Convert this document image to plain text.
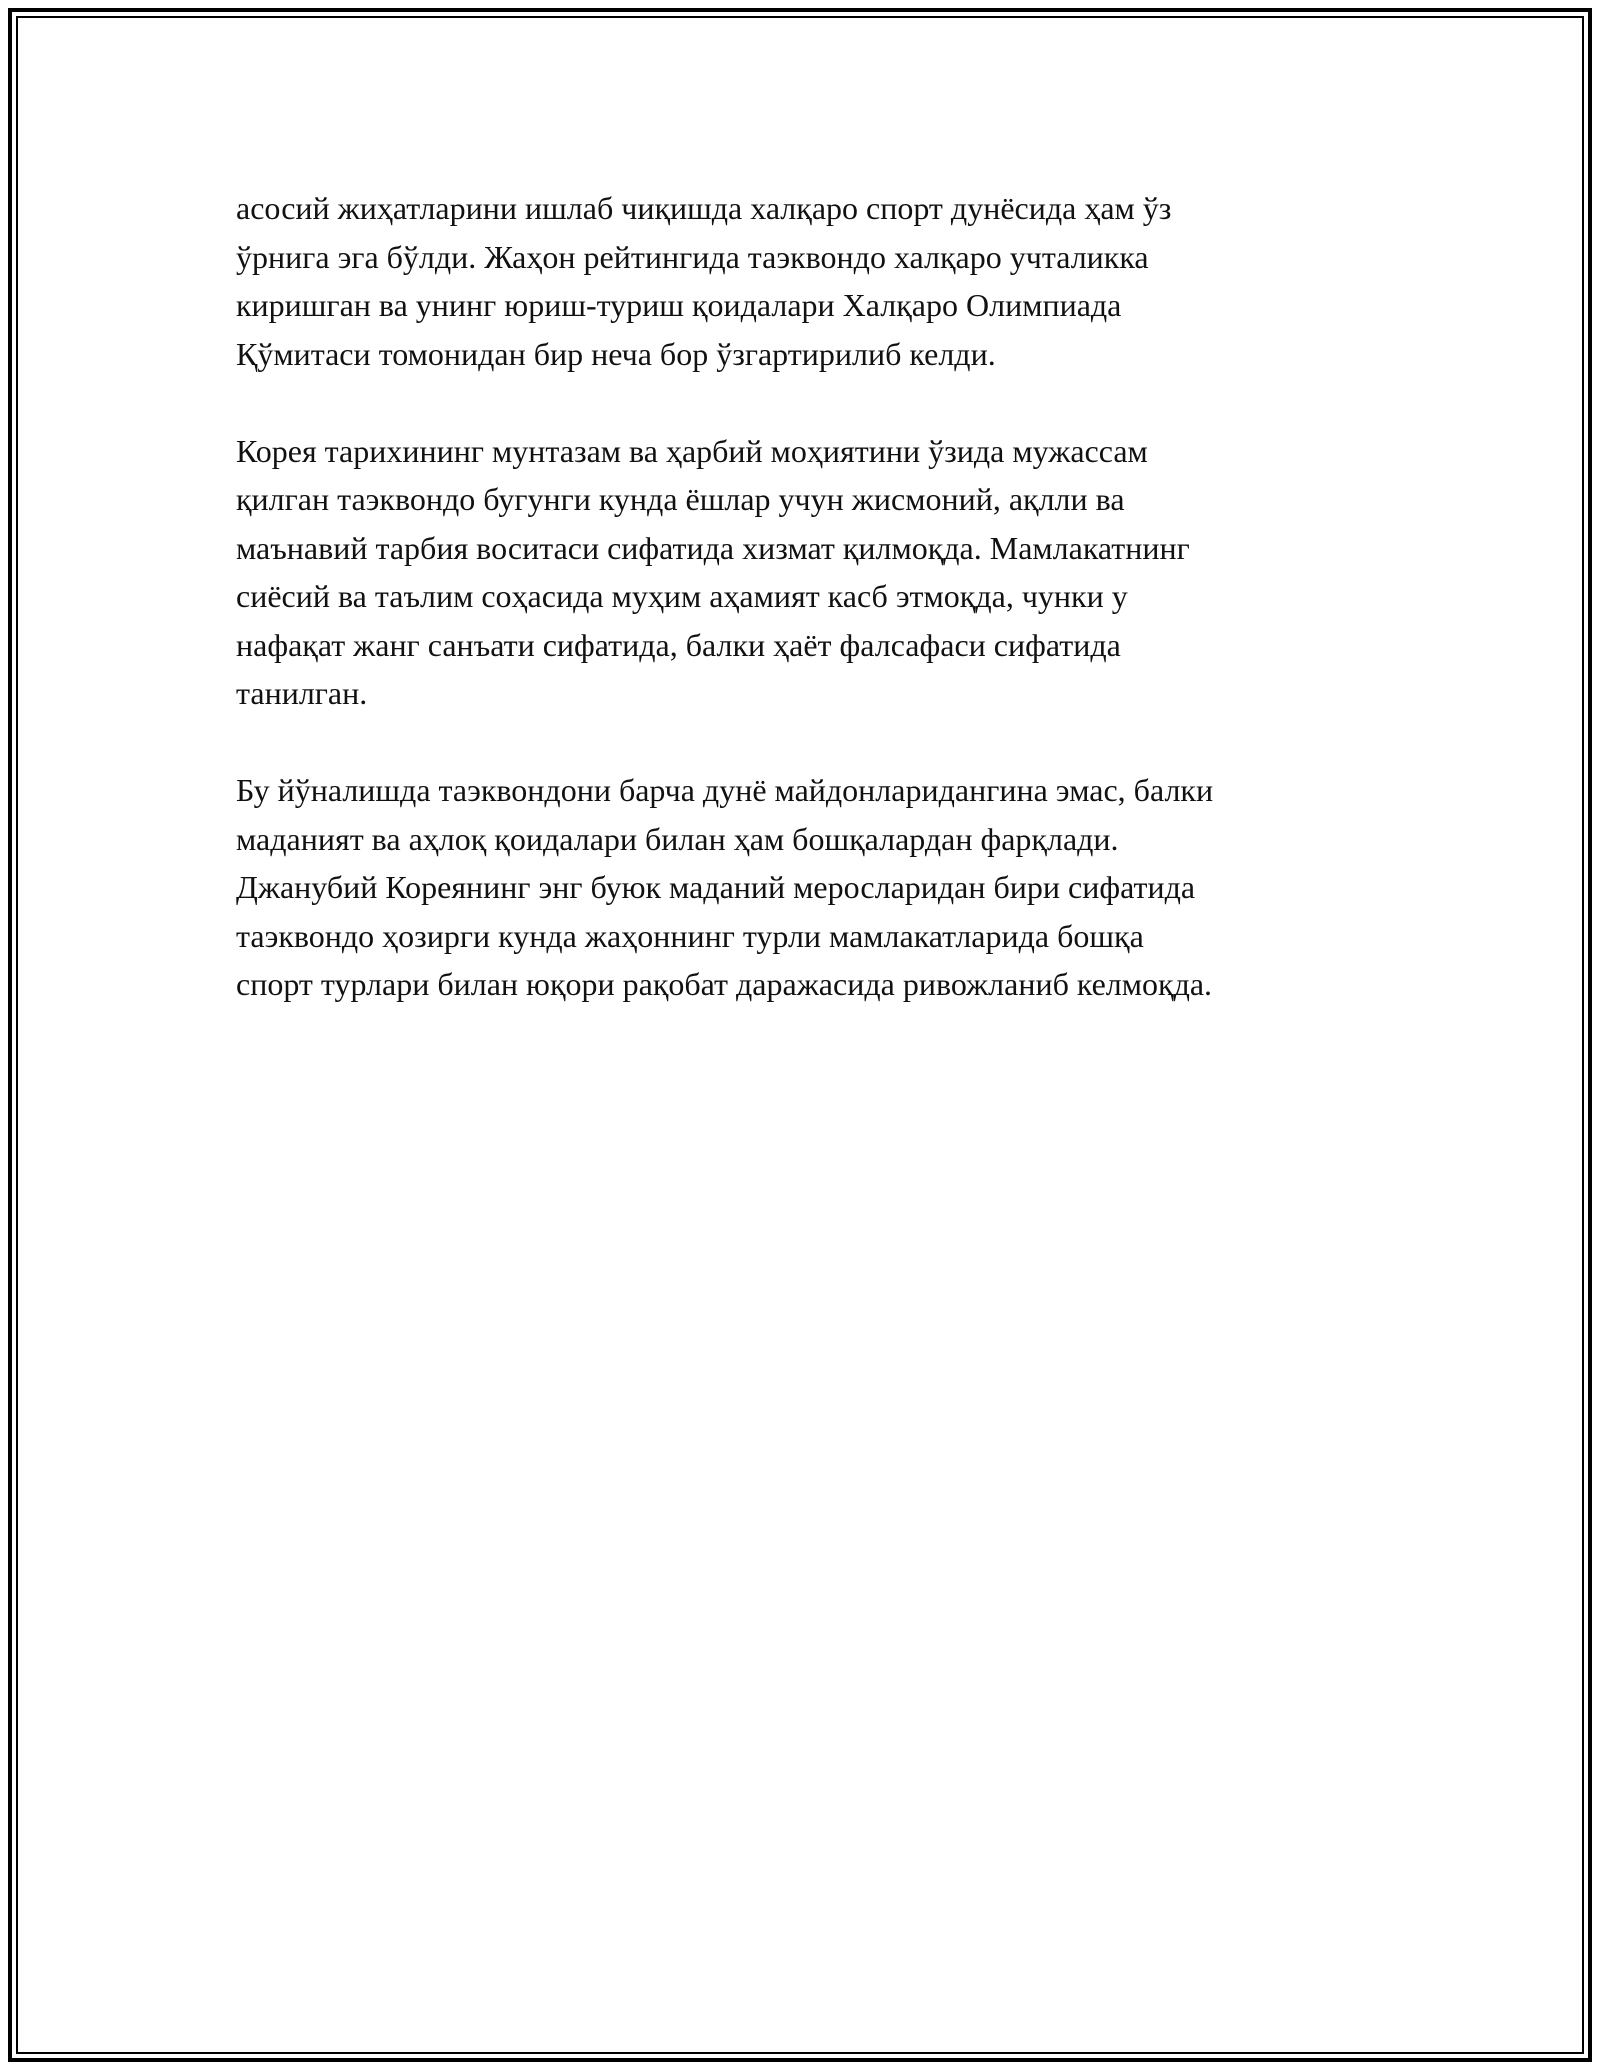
асосий жиҳатларини ишлаб чиқишда халқаро спорт дунёсида ҳам ўз
ўрнига эга бўлди. Жаҳон рейтингида таэквондо халқаро учталикка
киришган ва унинг юриш-туриш қоидалари Халқаро Олимпиада
Қўмитаси томонидан бир неча бор ўзгартирилиб келди.

Корея тарихининг мунтазам ва ҳарбий моҳиятини ўзида мужассам
қилган таэквондо бугунги кунда ёшлар учун жисмоний, ақлли ва
маънавий тарбия воситаси сифатида хизмат қилмоқда. Мамлакатнинг
сиёсий ва таълим соҳасида муҳим аҳамият касб этмоқда, чунки у
нафақат жанг санъати сифатида, балки ҳаёт фалсафаси сифатида
танилган.

Бу йўналишда таэквондони барча дунё майдонларидангина эмас, балки
маданият ва аҳлоқ қоидалари билан ҳам бошқалардан фарқлади.
Джанубий Кореянинг энг буюк маданий меросларидан бири сифатида
таэквондо ҳозирги кунда жаҳоннинг турли мамлакатларида бошқа
спорт турлари билан юқори рақобат даражасида ривожланиб келмоқда.
